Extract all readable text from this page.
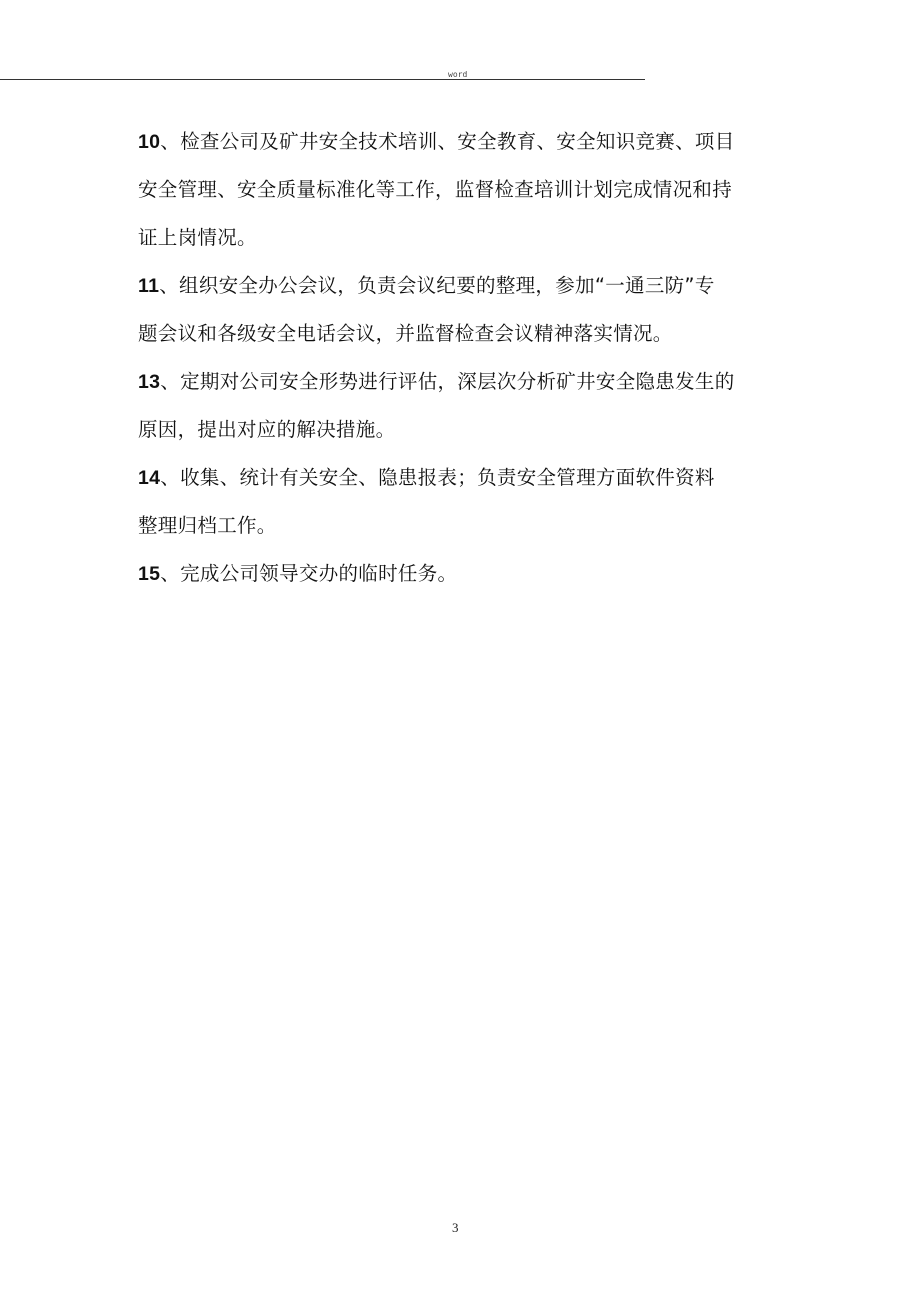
word
10、检查公司及矿井安全技术培训、安全教育、安全知识竞赛、项目
安全管理、安全质量标准化等工作，监督检查培训计划完成情况和持
证上岗情况。
11、组织安全办公会议，负责会议纪要的整理，参加“一通三防”专
题会议和各级安全电话会议，并监督检查会议精神落实情况。
13、定期对公司安全形势进行评估，深层次分析矿井安全隐患发生的
原因，提出对应的解决措施。
14、收集、统计有关安全、隐患报表；负责安全管理方面软件资料
整理归档工作。
15、完成公司领导交办的临时任务。
3
